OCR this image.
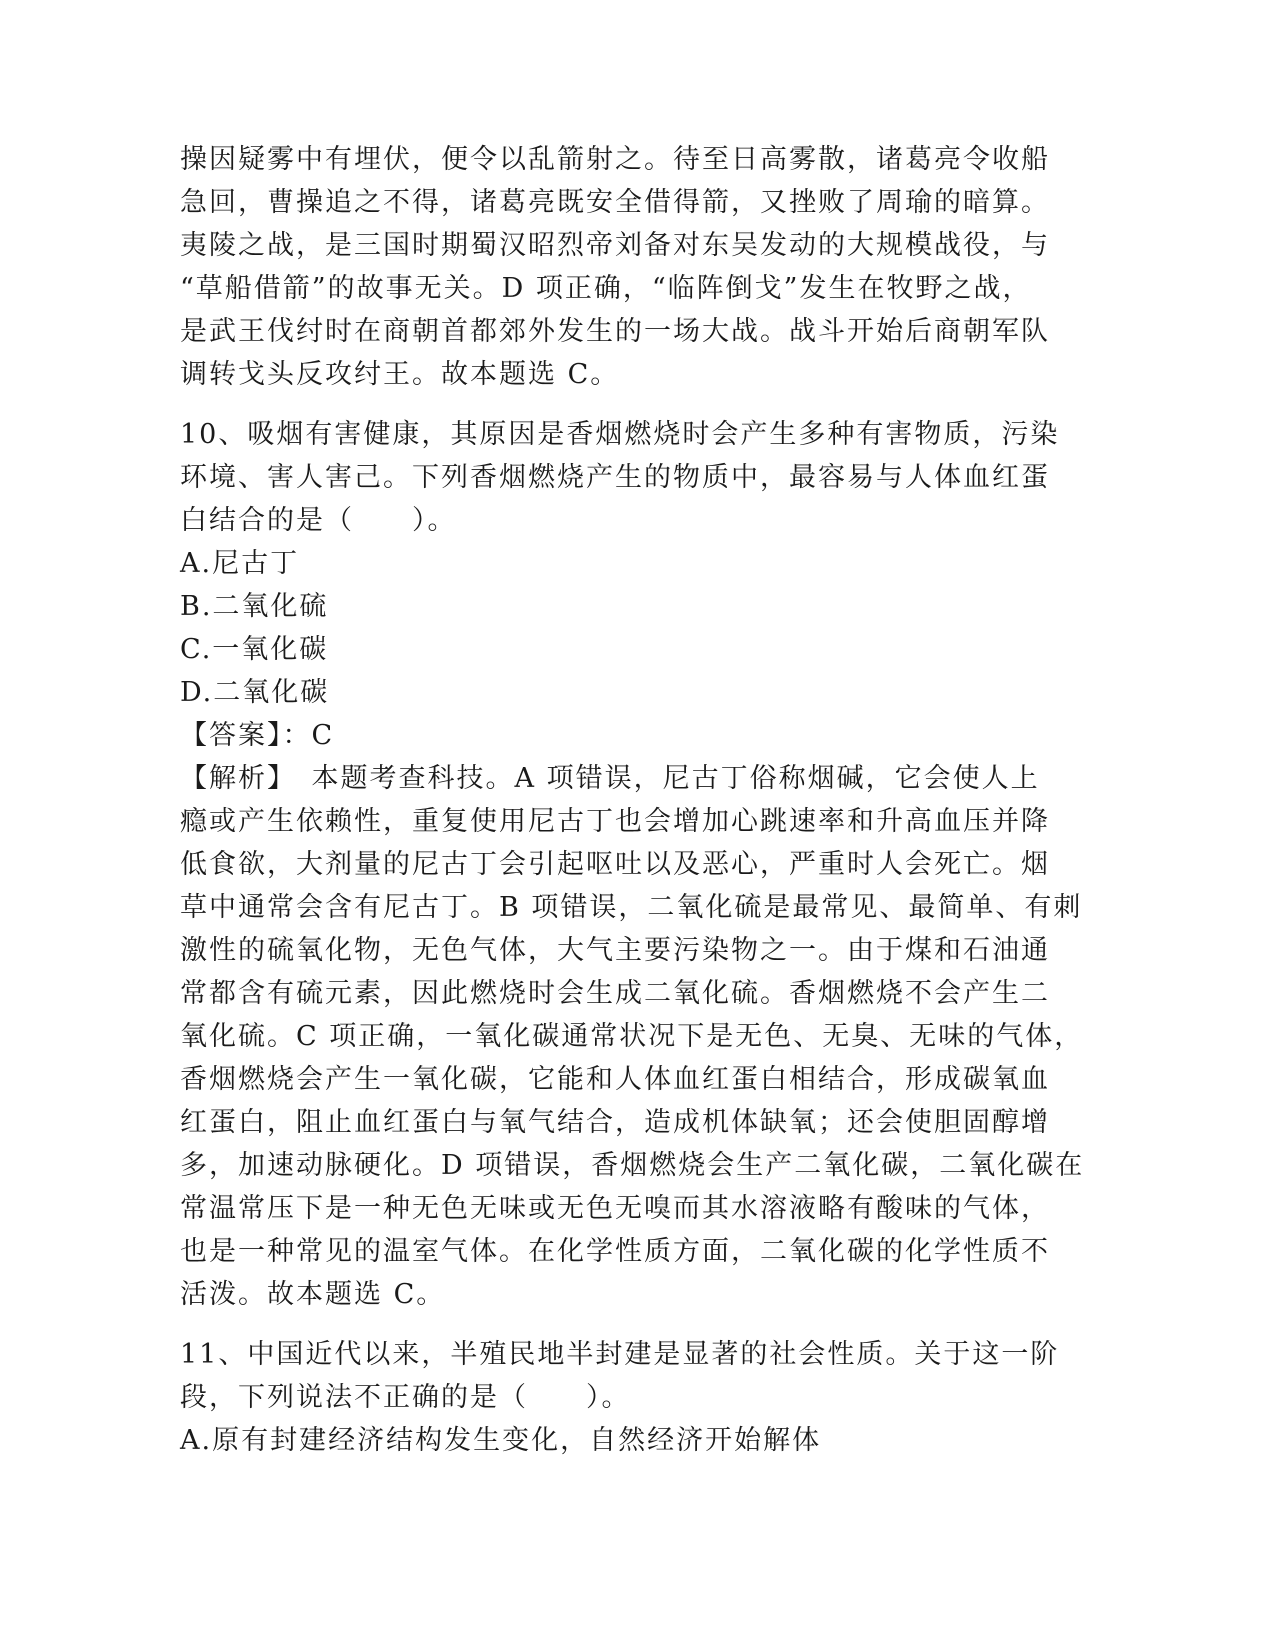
操因疑雾中有埋伏，便令以乱箭射之。待至日高雾散，诸葛亮令收船
急回，曹操追之不得，诸葛亮既安全借得箭，又挫败了周瑜的暗算。
夷陵之战，是三国时期蜀汉昭烈帝刘备对东吴发动的大规模战役，与
“草船借箭”的故事无关。D 项正确，“临阵倒戈”发生在牧野之战，
是武王伐纣时在商朝首都郊外发生的一场大战。战斗开始后商朝军队
调转戈头反攻纣王。故本题选 C。
10、吸烟有害健康，其原因是香烟燃烧时会产生多种有害物质，污染
环境、害人害己。下列香烟燃烧产生的物质中，最容易与人体血红蛋
白结合的是（　　）。
A.尼古丁
B.二氧化硫
C.一氧化碳
D.二氧化碳
【答案】：C
【解析】　本题考查科技。A 项错误，尼古丁俗称烟碱，它会使人上
瘾或产生依赖性，重复使用尼古丁也会增加心跳速率和升高血压并降
低食欲，大剂量的尼古丁会引起呕吐以及恶心，严重时人会死亡。烟
草中通常会含有尼古丁。B 项错误，二氧化硫是最常见、最简单、有刺
激性的硫氧化物，无色气体，大气主要污染物之一。由于煤和石油通
常都含有硫元素，因此燃烧时会生成二氧化硫。香烟燃烧不会产生二
氧化硫。C 项正确，一氧化碳通常状况下是无色、无臭、无味的气体，
香烟燃烧会产生一氧化碳，它能和人体血红蛋白相结合，形成碳氧血
红蛋白，阻止血红蛋白与氧气结合，造成机体缺氧；还会使胆固醇增
多，加速动脉硬化。D 项错误，香烟燃烧会生产二氧化碳，二氧化碳在
常温常压下是一种无色无味或无色无嗅而其水溶液略有酸味的气体，
也是一种常见的温室气体。在化学性质方面，二氧化碳的化学性质不
活泼。故本题选 C。
11、中国近代以来，半殖民地半封建是显著的社会性质。关于这一阶
段，下列说法不正确的是（　　）。
A.原有封建经济结构发生变化，自然经济开始解体
